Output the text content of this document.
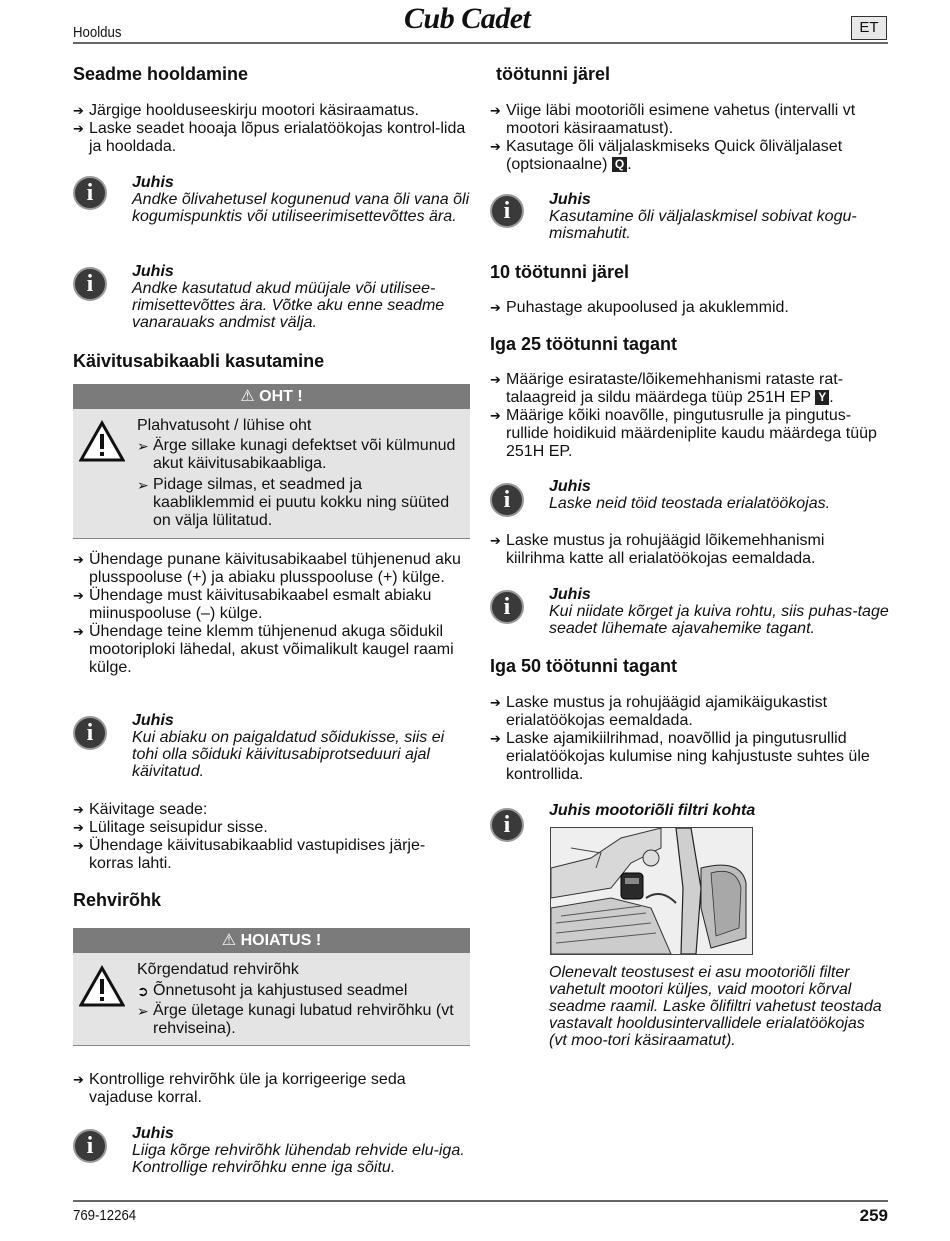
Hooldus	Cub Cadet	ET
Seadme hooldamine
➔ Järgige hoolduseeskirju mootori käsiraamatus.
➔ Laske seadet hooaja lõpus erialatöökojas kontrol-lida ja hooldada.
i	Juhis
Andke õlivahetusel kogunenud vana õli vana õli kogumispunktis või utiliseerimisettevõttes ära.
i	Juhis
Andke kasutatud akud müüjale või utilisee-rimisettevõttes ära. Võtke aku enne seadme vanarauaks andmist välja.
Käivitusabikaabli kasutamine
⚠ OHT !
Plahvatusoht / lühise oht
➢ Ärge sillake kunagi defektset või külmunud akut käivitusabikaabliga.
➢ Pidage silmas, et seadmed ja kaabliklemmid ei puutu kokku ning süüted on välja lülitatud.
➔ Ühendage punane käivitusabikaabel tühjenenud aku plusspooluse (+) ja abiaku plusspooluse (+) külge.
➔ Ühendage must käivitusabikaabel esmalt abiaku miinuspooluse (–) külge.
➔ Ühendage teine klemm tühjenenud akuga sõidukil mootoriploki lähedal, akust võimalikult kaugel raami külge.
i	Juhis
Kui abiaku on paigaldatud sõidukisse, siis ei tohi olla sõiduki käivitusabiprotseduuri ajal käivitatud.
➔ Käivitage seade:
➔ Lülitage seisupidur sisse.
➔ Ühendage käivitusabikaablid vastupidises järje-korras lahti.
Rehvirõhk
⚠ HOIATUS !
Kõrgendatud rehvirõhk
➲ Õnnetusoht ja kahjustused seadmel
➢ Ärge ületage kunagi lubatud rehvirõhku (vt rehviseina).
➔ Kontrollige rehvirõhk üle ja korrigeerige seda vajaduse korral.
i	Juhis
Liiga kõrge rehvirõhk lühendab rehvide elu-iga. Kontrollige rehvirõhku enne iga sõitu.
töötunni järel
➔ Viige läbi mootoriõli esimene vahetus (intervalli vt mootori käsiraamatust).
➔ Kasutage õli väljalaskmiseks Quick õliväljalaset (optsionaalne) Q .
i	Juhis
Kasutamine õli väljalaskmisel sobivat kogu-mismahutit.
10 töötunni järel
➔ Puhastage akupoolused ja akuklemmid.
Iga 25 töötunni tagant
➔ Määrige esirataste/lõikemehhanismi rataste rat-talaagreid ja sildu määrdega tüüp 251H EP Y .
➔ Määrige kõiki noavõlle, pingutusrulle ja pingutus-rullide hoidikuid määrdeniplite kaudu määrdega tüüp 251H EP.
i
Juhis
Laske neid töid teostada erialatöökojas.
➔ Laske mustus ja rohujäägid lõikemehhanismi kiilrihma katte all erialatöökojas eemaldada.
i	Juhis
Kui niidate kõrget ja kuiva rohtu, siis puhas-tage seadet lühemate ajavahemike tagant.
Iga 50 töötunni tagant
➔ Laske mustus ja rohujäägid ajamikäigukastist erialatöökojas eemaldada.
➔ Laske ajamikiilrihmad, noavõllid ja pingutusrullid erialatöökojas kulumise ning kahjustuste suhtes üle kontrollida.
i
Juhis mootoriõli filtri kohta
Olenevalt teostusest ei asu mootoriõli filter vahetult mootori küljes, vaid mootori kõrval seadme raamil. Laske õlifiltri vahetust teostada vastavalt hooldusintervallidele erialatöökojas (vt moo-tori käsiraamatut).
769-12264	259
